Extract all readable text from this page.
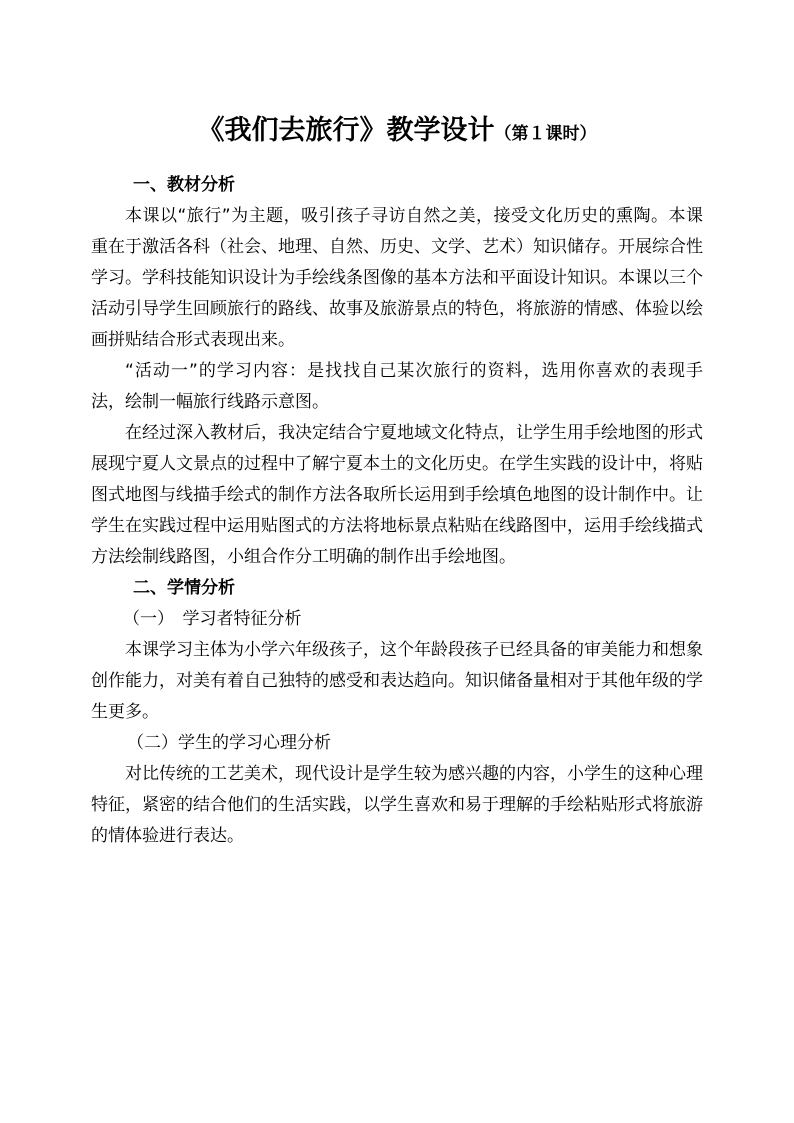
《我们去旅行》教学设计（第１课时）
一、教材分析

本课以“旅行”为主题，吸引孩子寻访自然之美，接受文化历史的熏陶。本课重在于激活各科（社会、地理、自然、历史、文学、艺术）知识储存。开展综合性学习。学科技能知识设计为手绘线条图像的基本方法和平面设计知识。本课以三个活动引导学生回顾旅行的路线、故事及旅游景点的特色，将旅游的情感、体验以绘画拼贴结合形式表现出来。

“活动一”的学习内容：是找找自己某次旅行的资料，选用你喜欢的表现手法，绘制一幅旅行线路示意图。

在经过深入教材后，我决定结合宁夏地域文化特点，让学生用手绘地图的形式展现宁夏人文景点的过程中了解宁夏本土的文化历史。在学生实践的设计中，将贴图式地图与线描手绘式的制作方法各取所长运用到手绘填色地图的设计制作中。让学生在实践过程中运用贴图式的方法将地标景点粘贴在线路图中，运用手绘线描式方法绘制线路图，小组合作分工明确的制作出手绘地图。

二、学情分析
（一）　学习者特征分析

本课学习主体为小学六年级孩子，这个年龄段孩子已经具备的审美能力和想象创作能力，对美有着自己独特的感受和表达趋向。知识储备量相对于其他年级的学生更多。

（二）学生的学习心理分析

对比传统的工艺美术，现代设计是学生较为感兴趣的内容，小学生的这种心理特征，紧密的结合他们的生活实践，以学生喜欢和易于理解的手绘粘贴形式将旅游的情体验进行表达。
